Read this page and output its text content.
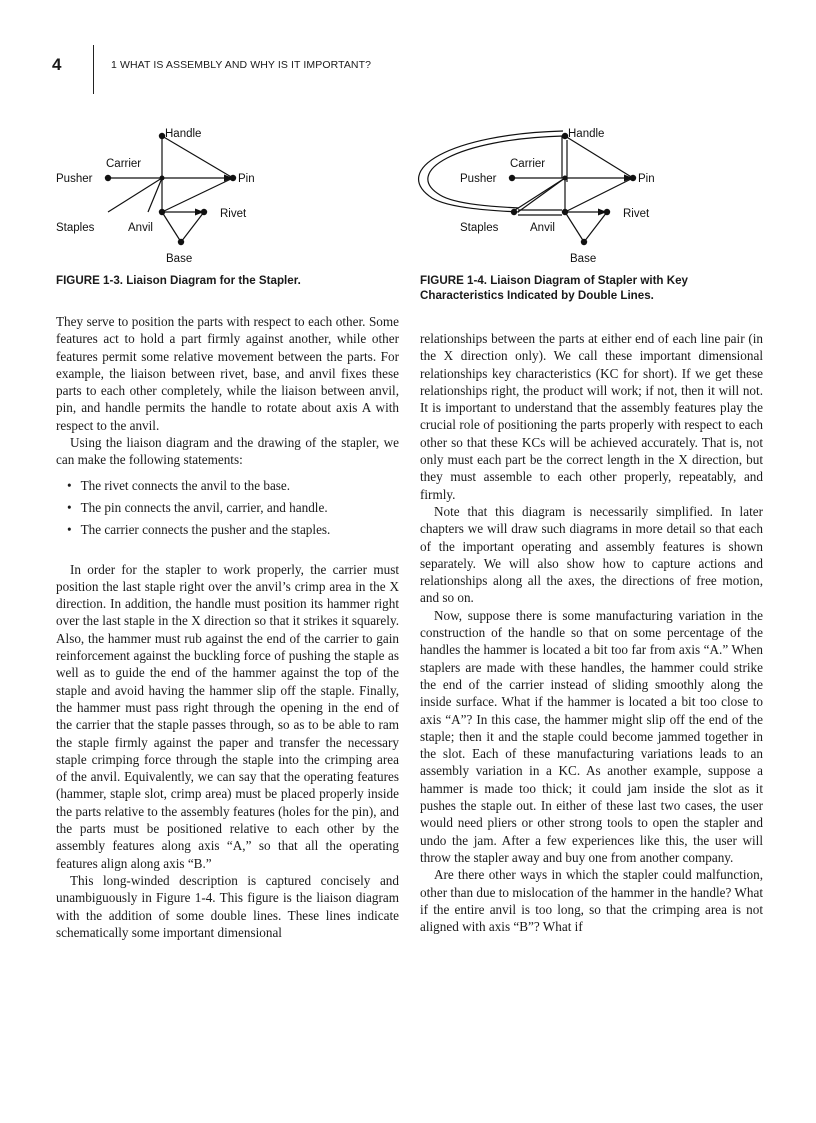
4	1 WHAT IS ASSEMBLY AND WHY IS IT IMPORTANT?
Handle
Carrier
Pusher	Pin
Rivet
Staples	Anvil
Base
FIGURE 1-3. Liaison Diagram for the Stapler.
Handle
Carrier
Pusher	Pin
Rivet
Staples	Anvil
Base
FIGURE 1-4. Liaison Diagram of Stapler with Key Characteristics Indicated by Double Lines.

They serve to position the parts with respect to each other. Some features act to hold a part firmly against another, while other features permit some relative movement between the parts. For example, the liaison between rivet, base, and anvil fixes these parts to each other completely, while the liaison between anvil, pin, and handle permits the handle to rotate about axis A with respect to the anvil.

Using the liaison diagram and the drawing of the stapler, we can make the following statements:

• The rivet connects the anvil to the base.
• The pin connects the anvil, carrier, and handle.
• The carrier connects the pusher and the staples.

In order for the stapler to work properly, the carrier must position the last staple right over the anvil’s crimp area in the X direction. In addition, the handle must position its hammer right over the last staple in the X direction so that it strikes it squarely. Also, the hammer must rub against the end of the carrier to gain reinforcement against the buckling force of pushing the staple as well as to guide the end of the hammer against the top of the staple and avoid having the hammer slip off the staple. Finally, the hammer must pass right through the opening in the end of the carrier that the staple passes through, so as to be able to ram the staple firmly against the paper and transfer the necessary staple crimping force through the staple into the crimping area of the anvil. Equivalently, we can say that the operating features (hammer, staple slot, crimp area) must be placed properly inside the parts relative to the assembly features (holes for the pin), and the parts must be positioned relative to each other by the assembly features along axis “A,” so that all the operating features align along axis “B.”

This long-winded description is captured concisely and unambiguously in Figure 1-4. This figure is the liaison diagram with the addition of some double lines. These lines indicate schematically some important dimensional

relationships between the parts at either end of each line pair (in the X direction only). We call these important dimensional relationships key characteristics (KC for short). If we get these relationships right, the product will work; if not, then it will not. It is important to understand that the assembly features play the crucial role of positioning the parts properly with respect to each other so that these KCs will be achieved accurately. That is, not only must each part be the correct length in the X direction, but they must assemble to each other properly, repeatably, and firmly.

Note that this diagram is necessarily simplified. In later chapters we will draw such diagrams in more detail so that each of the important operating and assembly features is shown separately. We will also show how to capture actions and relationships along all the axes, the directions of free motion, and so on.

Now, suppose there is some manufacturing variation in the construction of the handle so that on some percentage of the handles the hammer is located a bit too far from axis “A.” When staplers are made with these handles, the hammer could strike the end of the carrier instead of sliding smoothly along the inside surface. What if the hammer is located a bit too close to axis “A”? In this case, the hammer might slip off the end of the staple; then it and the staple could become jammed together in the slot. Each of these manufacturing variations leads to an assembly variation in a KC. As another example, suppose a hammer is made too thick; it could jam inside the slot as it pushes the staple out. In either of these last two cases, the user would need pliers or other strong tools to open the stapler and undo the jam. After a few experiences like this, the user will throw the stapler away and buy one from another company.

Are there other ways in which the stapler could malfunction, other than due to mislocation of the hammer in the handle? What if the entire anvil is too long, so that the crimping area is not aligned with axis “B”? What if
